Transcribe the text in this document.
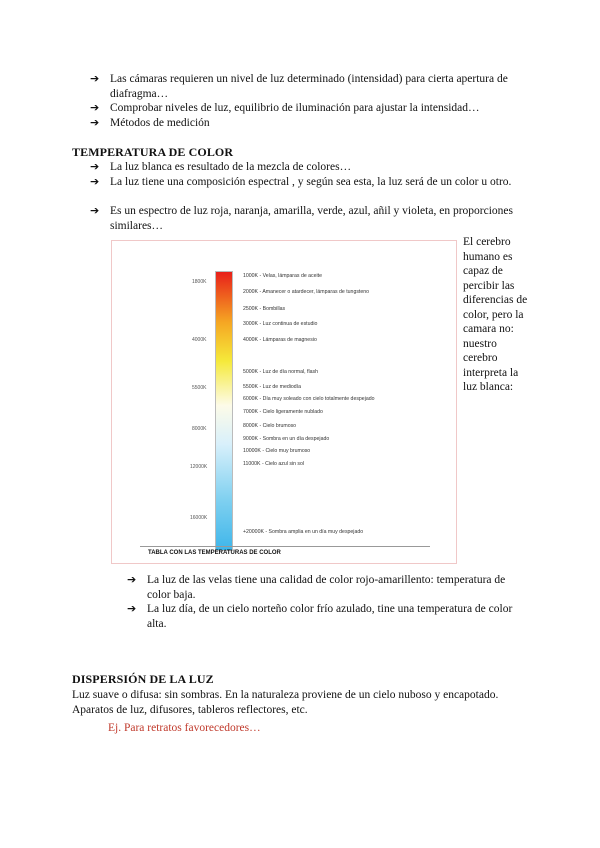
➔ Las cámaras requieren un nivel de luz determinado (intensidad) para cierta apertura de diafragma…
➔ Comprobar niveles de luz, equilibrio de iluminación para ajustar la intensidad…
➔ Métodos de medición
TEMPERATURA DE COLOR
➔ La luz blanca es resultado de la mezcla de colores…
➔ La luz tiene una composición espectral , y según sea esta, la luz será de un color u otro.
➔ Es un espectro de luz roja, naranja, amarilla, verde, azul, añil y violeta, en proporciones similares…
1800K
4000K
5500K
8000K
12000K
16000K
1000K - Velas, lámparas de aceite
2000K - Amanecer o atardecer, lámparas de tungsteno
2500K - Bombillas
3000K - Luz continua de estudio
4000K - Lámparas de magnesio
5000K - Luz de día normal, flash
5500K - Luz de mediodía
6000K - Día muy soleado con cielo totalmente despejado
7000K - Cielo ligeramente nublado
8000K - Cielo brumoso
9000K - Sombra en un día despejado
10000K - Cielo muy brumoso
11000K - Cielo azul sin sol
+20000K - Sombra amplia en un día muy despejado
TABLA CON LAS TEMPERATURAS DE COLOR
El cerebro humano es capaz de percibir las diferencias de color, pero la camara no: nuestro cerebro interpreta la luz blanca:
➔ La luz de las velas tiene una calidad de color rojo-amarillento: temperatura de color baja.
➔ La luz día, de un cielo norteño color frío azulado, tine una temperatura de color alta.
DISPERSIÓN DE LA LUZ
Luz suave o difusa: sin sombras. En la naturaleza proviene de un cielo nuboso y encapotado. Aparatos de luz, difusores, tableros reflectores, etc.
Ej. Para retratos favorecedores…
